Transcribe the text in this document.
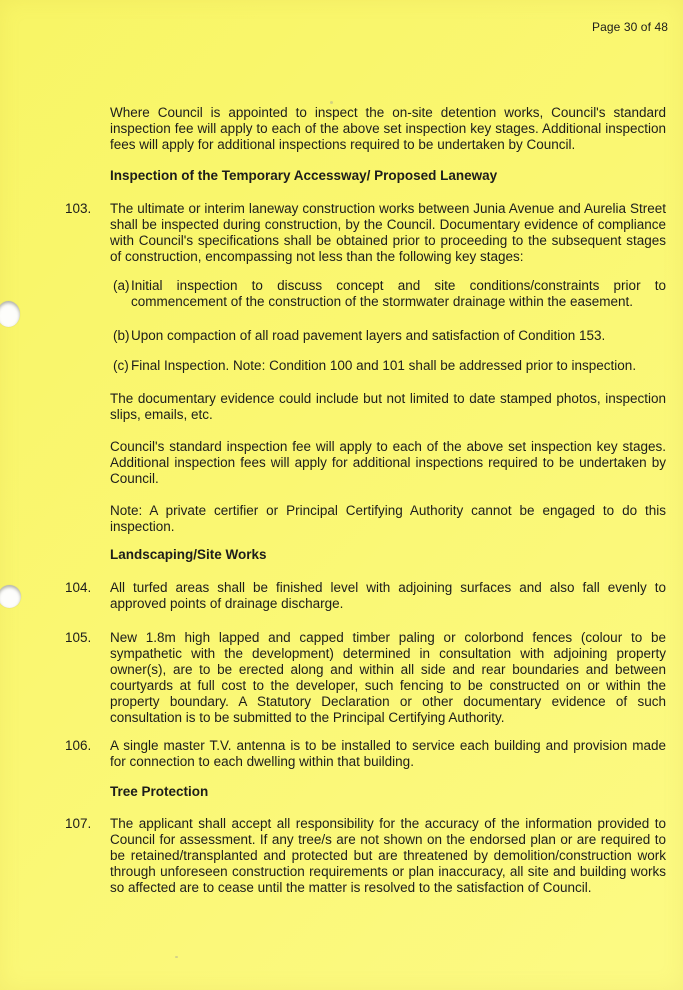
Page 30 of 48

Where Council is appointed to inspect the on-site detention works, Council's standard inspection fee will apply to each of the above set inspection key stages. Additional inspection fees will apply for additional inspections required to be undertaken by Council.

Inspection of the Temporary Accessway/ Proposed Laneway

103.	The ultimate or interim laneway construction works between Junia Avenue and Aurelia Street shall be inspected during construction, by the Council. Documentary evidence of compliance with Council's specifications shall be obtained prior to proceeding to the subsequent stages of construction, encompassing not less than the following key stages:
(a) Initial inspection to discuss concept and site conditions/constraints prior to commencement of the construction of the stormwater drainage within the easement.
(b) Upon compaction of all road pavement layers and satisfaction of Condition 153.
(c) Final Inspection. Note: Condition 100 and 101 shall be addressed prior to inspection.

The documentary evidence could include but not limited to date stamped photos, inspection slips, emails, etc.

Council's standard inspection fee will apply to each of the above set inspection key stages. Additional inspection fees will apply for additional inspections required to be undertaken by Council.

Note: A private certifier or Principal Certifying Authority cannot be engaged to do this inspection.

Landscaping/Site Works

104.	All turfed areas shall be finished level with adjoining surfaces and also fall evenly to approved points of drainage discharge.
105.	New 1.8m high lapped and capped timber paling or colorbond fences (colour to be sympathetic with the development) determined in consultation with adjoining property owner(s), are to be erected along and within all side and rear boundaries and between courtyards at full cost to the developer, such fencing to be constructed on or within the property boundary. A Statutory Declaration or other documentary evidence of such consultation is to be submitted to the Principal Certifying Authority.
106.	A single master T.V. antenna is to be installed to service each building and provision made for connection to each dwelling within that building.

Tree Protection

107.	The applicant shall accept all responsibility for the accuracy of the information provided to Council for assessment. If any tree/s are not shown on the endorsed plan or are required to be retained/transplanted and protected but are threatened by demolition/construction work through unforeseen construction requirements or plan inaccuracy, all site and building works so affected are to cease until the matter is resolved to the satisfaction of Council.
